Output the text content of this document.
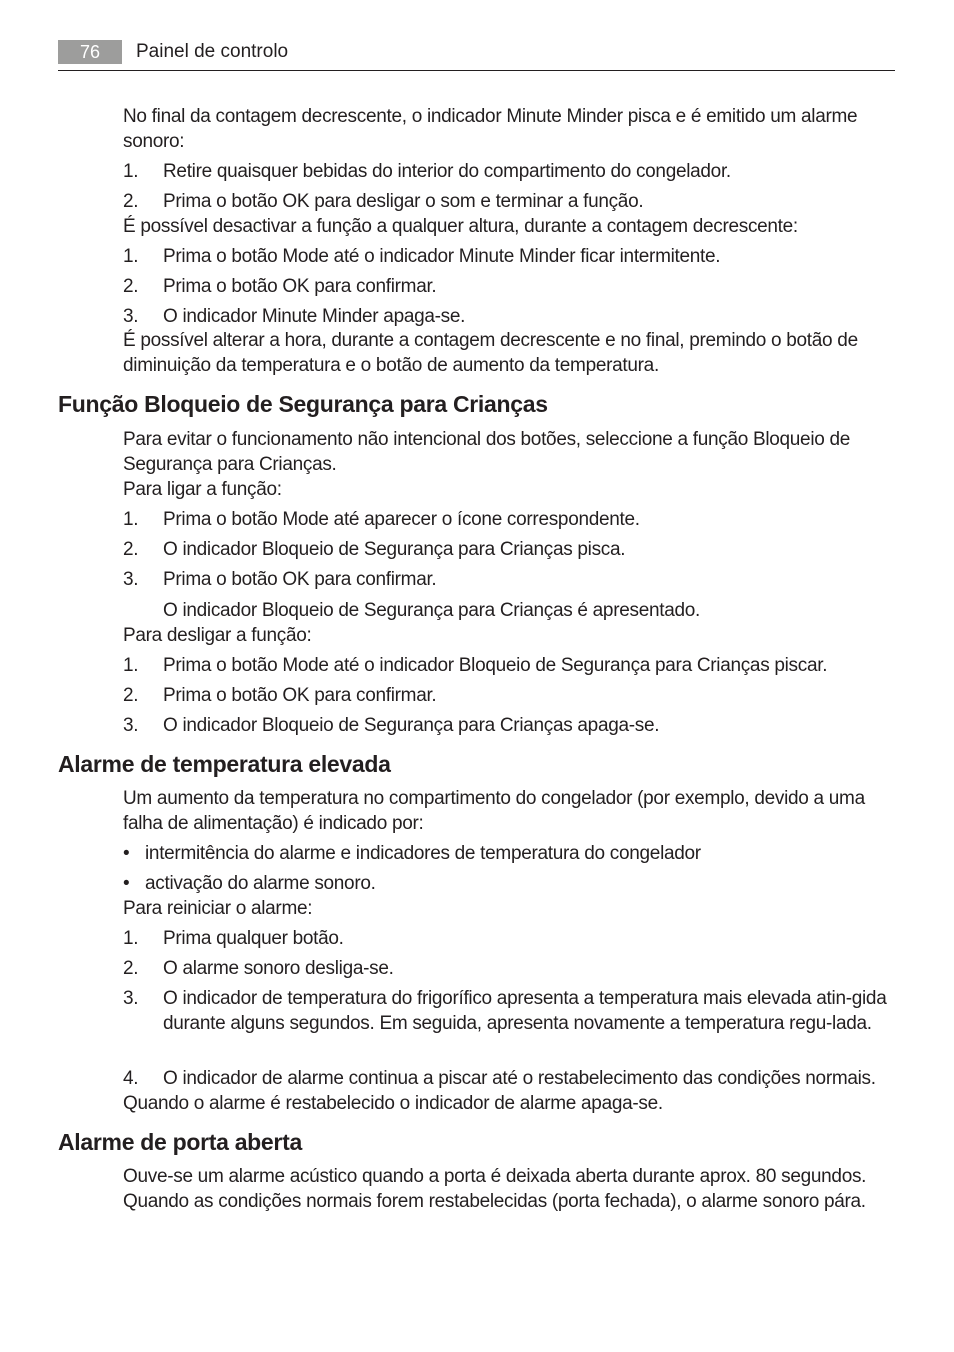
76	Painel de controlo

No final da contagem decrescente, o indicador Minute Minder pisca e é emitido um alarme sonoro:

1. Retire quaisquer bebidas do interior do compartimento do congelador.
2. Prima o botão OK para desligar o som e terminar a função.

É possível desactivar a função a qualquer altura, durante a contagem decrescente:

1. Prima o botão Mode até o indicador Minute Minder ficar intermitente.
2. Prima o botão OK para confirmar.
3. O indicador Minute Minder apaga-se.

É possível alterar a hora, durante a contagem decrescente e no final, premindo o botão de diminuição da temperatura e o botão de aumento da temperatura.

Função Bloqueio de Segurança para Crianças

Para evitar o funcionamento não intencional dos botões, seleccione a função Bloqueio de Segurança para Crianças.

Para ligar a função:

1. Prima o botão Mode até aparecer o ícone correspondente.
2. O indicador Bloqueio de Segurança para Crianças pisca.
3. Prima o botão OK para confirmar.

O indicador Bloqueio de Segurança para Crianças é apresentado.

Para desligar a função:

1. Prima o botão Mode até o indicador Bloqueio de Segurança para Crianças piscar.
2. Prima o botão OK para confirmar.
3. O indicador Bloqueio de Segurança para Crianças apaga-se.
Alarme de temperatura elevada

Um aumento da temperatura no compartimento do congelador (por exemplo, devido a uma falha de alimentação) é indicado por:

• intermitência do alarme e indicadores de temperatura do congelador
• activação do alarme sonoro.

Para reiniciar o alarme:

1. Prima qualquer botão.
2. O alarme sonoro desliga-se.
3. O indicador de temperatura do frigorífico apresenta a temperatura mais elevada atin-gida durante alguns segundos. Em seguida, apresenta novamente a temperatura regu-lada.
4. O indicador de alarme continua a piscar até o restabelecimento das condições normais.

Quando o alarme é restabelecido o indicador de alarme apaga-se.

Alarme de porta aberta

Ouve-se um alarme acústico quando a porta é deixada aberta durante aprox. 80 segundos. Quando as condições normais forem restabelecidas (porta fechada), o alarme sonoro pára.
